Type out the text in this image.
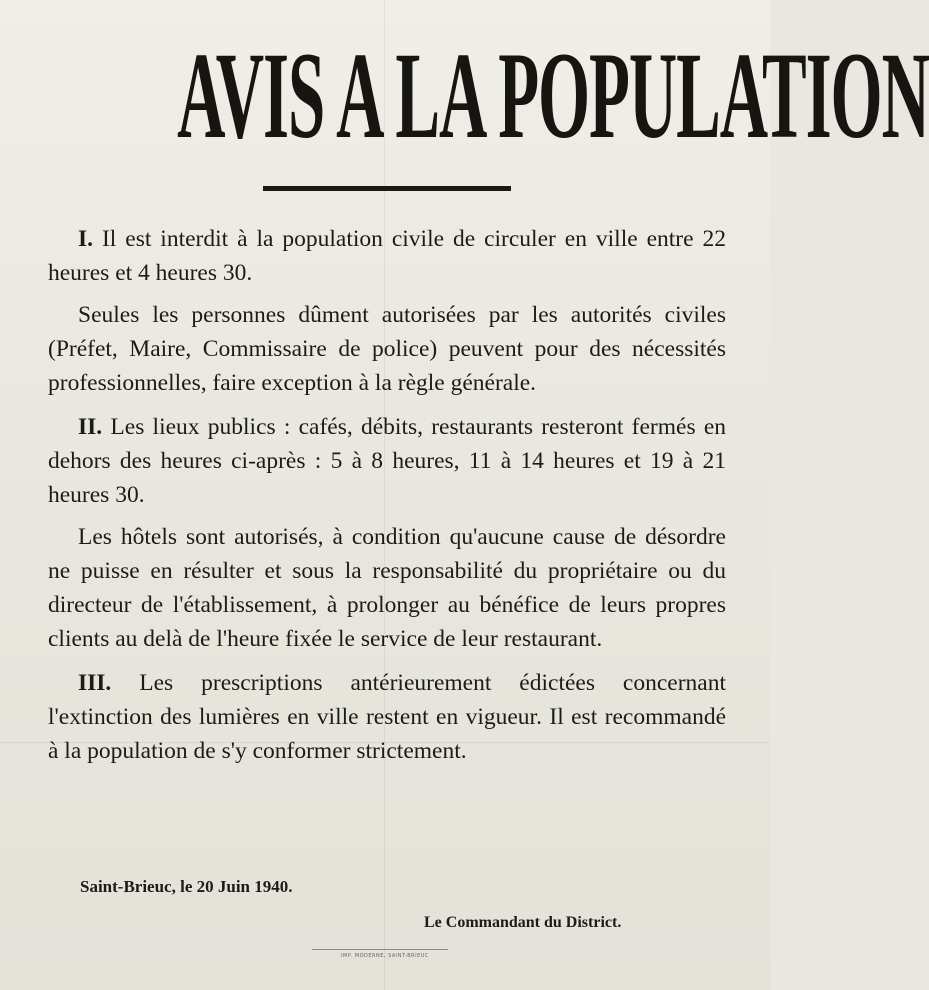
AVIS A LA POPULATION

I. Il est interdit à la population civile de circuler en ville entre 22 heures et 4 heures 30.

Seules les personnes dûment autorisées par les autorités civiles (Préfet, Maire, Commissaire de police) peuvent pour des nécessités professionnelles, faire exception à la règle générale.

II. Les lieux publics : cafés, débits, restaurants resteront fermés en dehors des heures ci-après : 5 à 8 heures, 11 à 14 heures et 19 à 21 heures 30.

Les hôtels sont autorisés, à condition qu'aucune cause de désordre ne puisse en résulter et sous la responsabilité du propriétaire ou du directeur de l'établissement, à prolonger au bénéfice de leurs propres clients au delà de l'heure fixée le service de leur restaurant.

III. Les prescriptions antérieurement édictées concernant l'extinction des lumières en ville restent en vigueur. Il est recommandé à la population de s'y conformer strictement.

Saint-Brieuc, le 20 Juin 1940.
Le Commandant du District.
IMP. MODERNE, SAINT-BRIEUC
